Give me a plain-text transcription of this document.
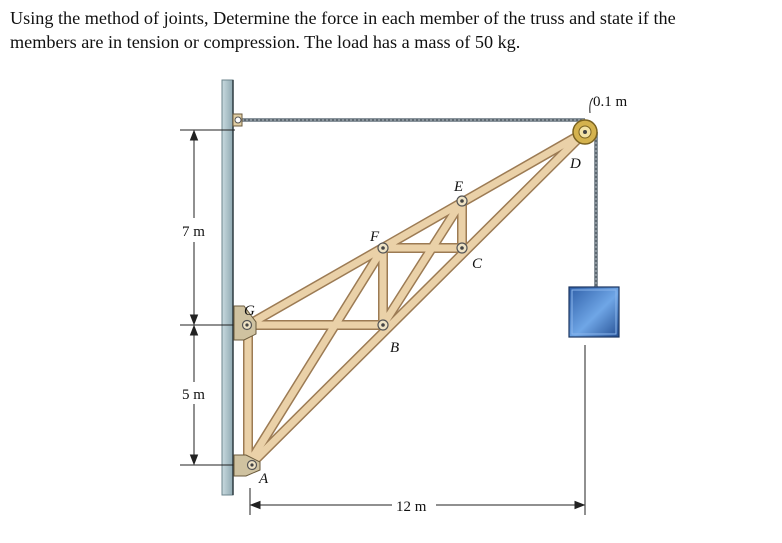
Using the method of joints, Determine the force in each member of the truss and state if the
members are in tension or compression. The load has a mass of 50 kg.
G
A
B
F
E
C
D
7 m
5 m
12 m
0.1 m
